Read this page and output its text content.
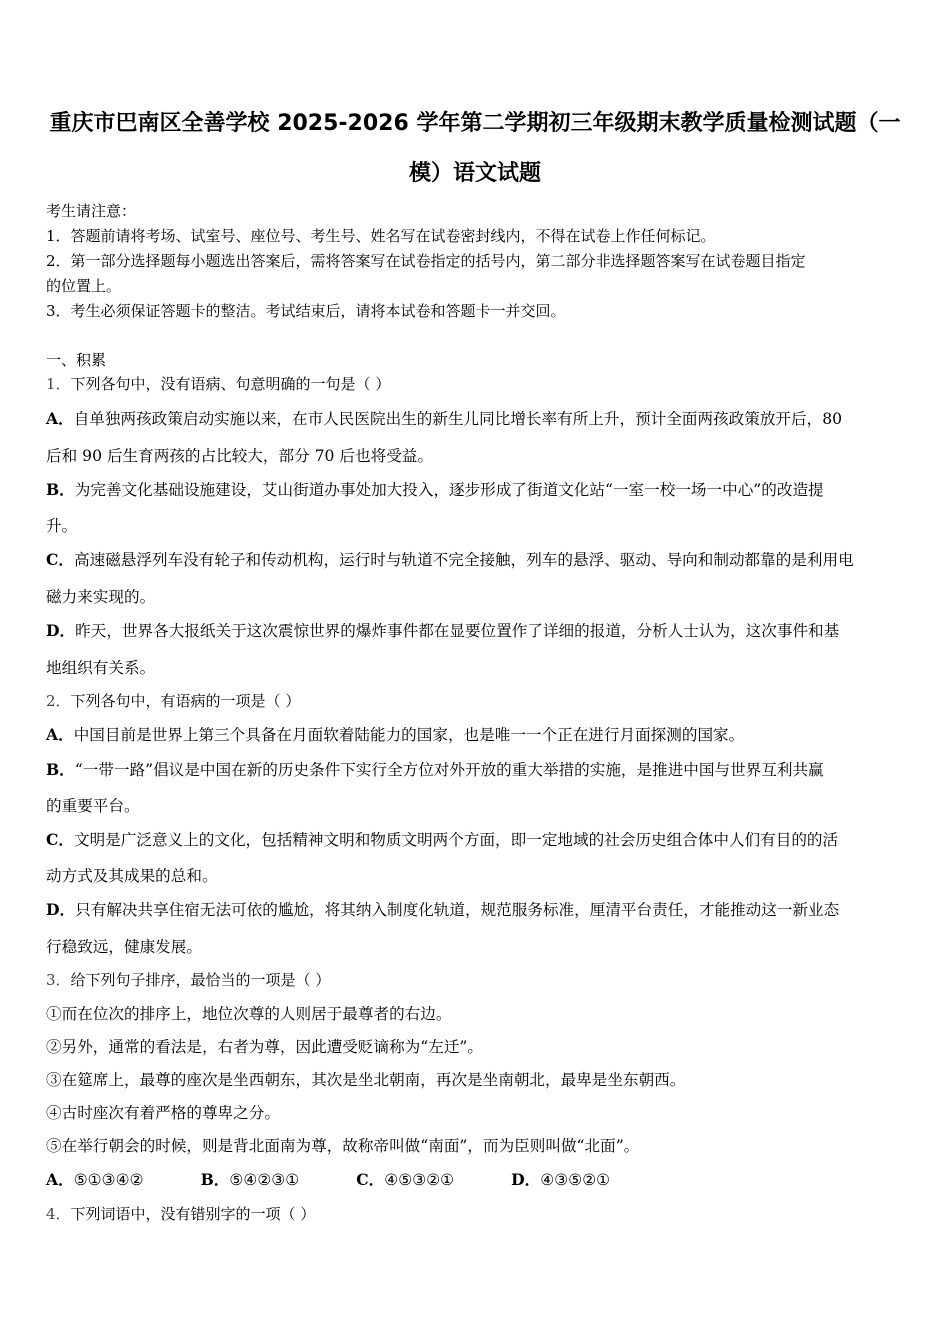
重庆市巴南区全善学校 2025-2026 学年第二学期初三年级期末教学质量检测试题（一
模）语文试题
考生请注意：
1．答题前请将考场、试室号、座位号、考生号、姓名写在试卷密封线内，不得在试卷上作任何标记。
2．第一部分选择题每小题选出答案后，需将答案写在试卷指定的括号内，第二部分非选择题答案写在试卷题目指定
的位置上。
3．考生必须保证答题卡的整洁。考试结束后，请将本试卷和答题卡一并交回。
一、积累
1．下列各句中，没有语病、句意明确的一句是（ ）
A．自单独两孩政策启动实施以来，在市人民医院出生的新生儿同比增长率有所上升，预计全面两孩政策放开后，80
后和 90 后生育两孩的占比较大，部分 70 后也将受益。
B．为完善文化基础设施建设，艾山街道办事处加大投入，逐步形成了街道文化站“一室一校一场一中心”的改造提
升。
C．高速磁悬浮列车没有轮子和传动机构，运行时与轨道不完全接触，列车的悬浮、驱动、导向和制动都靠的是利用电
磁力来实现的。
D．昨天，世界各大报纸关于这次震惊世界的爆炸事件都在显要位置作了详细的报道，分析人士认为，这次事件和基
地组织有关系。
2．下列各句中，有语病的一项是（ ）
A．中国目前是世界上第三个具备在月面软着陆能力的国家，也是唯一一个正在进行月面探测的国家。
B．“一带一路”倡议是中国在新的历史条件下实行全方位对外开放的重大举措的实施，是推进中国与世界互利共赢
的重要平台。
C．文明是广泛意义上的文化，包括精神文明和物质文明两个方面，即一定地域的社会历史组合体中人们有目的的活
动方式及其成果的总和。
D．只有解决共享住宿无法可依的尴尬，将其纳入制度化轨道，规范服务标准，厘清平台责任，才能推动这一新业态
行稳致远，健康发展。
3．给下列句子排序，最恰当的一项是（ ）
①而在位次的排序上，地位次尊的人则居于最尊者的右边。
②另外，通常的看法是，右者为尊，因此遭受贬谪称为“左迁”。
③在筵席上，最尊的座次是坐西朝东，其次是坐北朝南，再次是坐南朝北，最卑是坐东朝西。
④古时座次有着严格的尊卑之分。
⑤在举行朝会的时候，则是背北面南为尊，故称帝叫做“南面”，而为臣则叫做“北面”。
A．⑤①③④②	B．⑤④②③①	C．④⑤③②①	D．④③⑤②①
4．下列词语中，没有错别字的一项（ ）
